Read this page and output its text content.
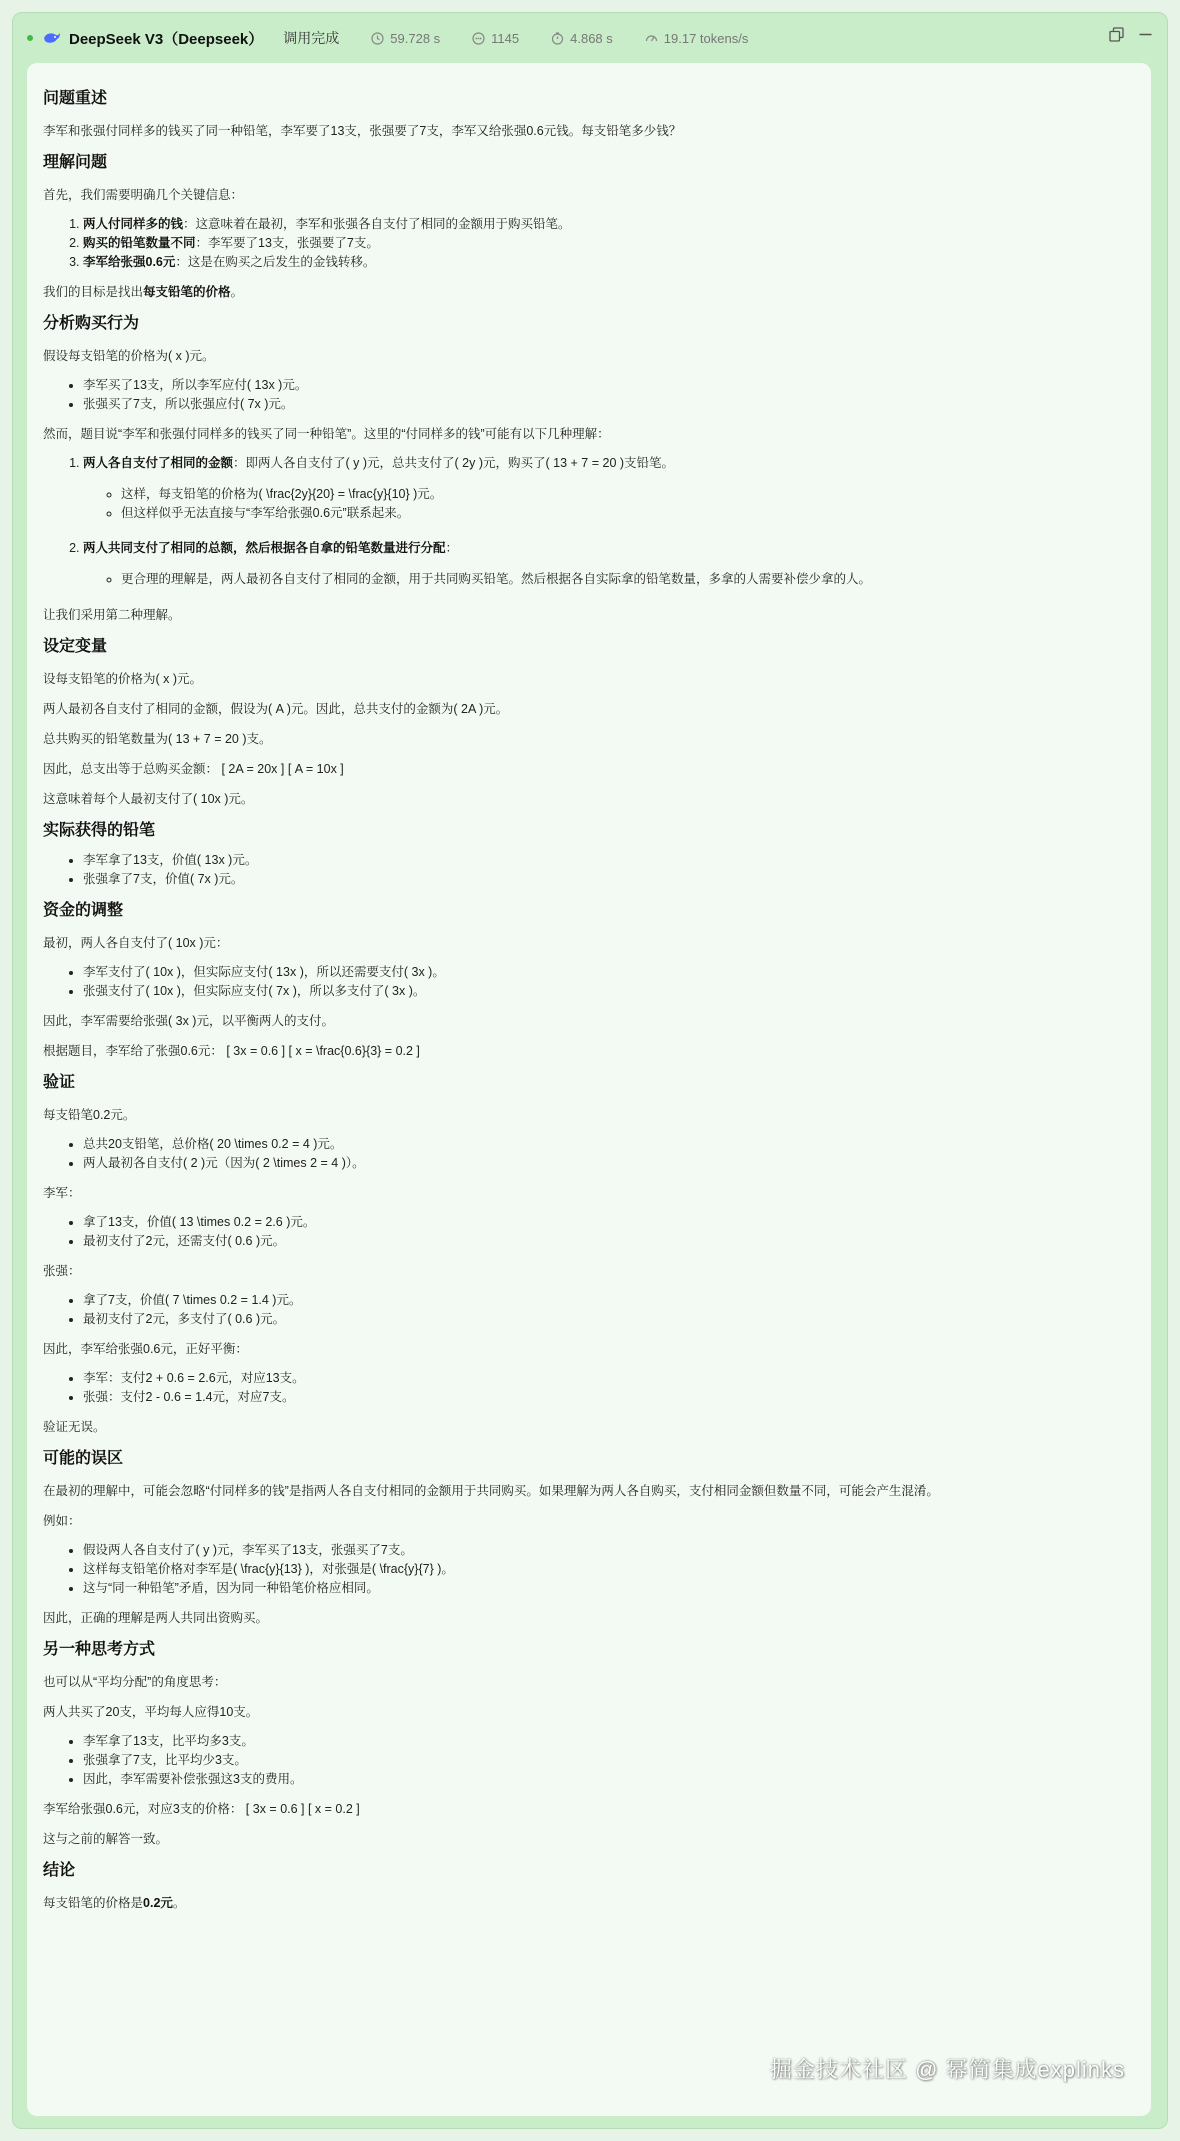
DeepSeek V3（Deepseek） 调用完成	59.728 s	1145	4.868 s	19.17 tokens/s
问题重述

李军和张强付同样多的钱买了同一种铅笔，李军要了13支，张强要了7支，李军又给张强0.6元钱。每支铅笔多少钱？

理解问题

首先，我们需要明确几个关键信息：

1. 两人付同样多的钱：这意味着在最初，李军和张强各自支付了相同的金额用于购买铅笔。
2. 购买的铅笔数量不同：李军要了13支，张强要了7支。
3. 李军给张强0.6元：这是在购买之后发生的金钱转移。

我们的目标是找出每支铅笔的价格。

分析购买行为

假设每支铅笔的价格为( x )元。

• 李军买了13支，所以李军应付( 13x )元。
• 张强买了7支，所以张强应付( 7x )元。

然而，题目说“李军和张强付同样多的钱买了同一种铅笔”。这里的“付同样多的钱”可能有以下几种理解：

1. 两人各自支付了相同的金额：即两人各自支付了( y )元，总共支付了( 2y )元，购买了( 13 + 7 = 20 )支铅笔。
◦ 这样，每支铅笔的价格为( \frac{2y}{20} = \frac{y}{10} )元。
◦ 但这样似乎无法直接与“李军给张强0.6元”联系起来。
2. 两人共同支付了相同的总额，然后根据各自拿的铅笔数量进行分配：
◦ 更合理的理解是，两人最初各自支付了相同的金额，用于共同购买铅笔。然后根据各自实际拿的铅笔数量，多拿的人需要补偿少拿的人。

让我们采用第二种理解。

设定变量

设每支铅笔的价格为( x )元。

两人最初各自支付了相同的金额，假设为( A )元。因此，总共支付的金额为( 2A )元。

总共购买的铅笔数量为( 13 + 7 = 20 )支。

因此，总支出等于总购买金额： [ 2A = 20x ] [ A = 10x ]

这意味着每个人最初支付了( 10x )元。

实际获得的铅笔
• 李军拿了13支，价值( 13x )元。
• 张强拿了7支，价值( 7x )元。
资金的调整

最初，两人各自支付了( 10x )元：

• 李军支付了( 10x )，但实际应支付( 13x )，所以还需要支付( 3x )。
• 张强支付了( 10x )，但实际应支付( 7x )，所以多支付了( 3x )。

因此，李军需要给张强( 3x )元，以平衡两人的支付。

根据题目，李军给了张强0.6元： [ 3x = 0.6 ] [ x = \frac{0.6}{3} = 0.2 ]

验证

每支铅笔0.2元。

• 总共20支铅笔，总价格( 20 \times 0.2 = 4 )元。
• 两人最初各自支付( 2 )元（因为( 2 \times 2 = 4 )）。

李军：

• 拿了13支，价值( 13 \times 0.2 = 2.6 )元。
• 最初支付了2元，还需支付( 0.6 )元。

张强：

• 拿了7支，价值( 7 \times 0.2 = 1.4 )元。
• 最初支付了2元，多支付了( 0.6 )元。

因此，李军给张强0.6元，正好平衡：

• 李军：支付2 + 0.6 = 2.6元，对应13支。
• 张强：支付2 - 0.6 = 1.4元，对应7支。

验证无误。

可能的误区

在最初的理解中，可能会忽略“付同样多的钱”是指两人各自支付相同的金额用于共同购买。如果理解为两人各自购买，支付相同金额但数量不同，可能会产生混淆。

例如：

• 假设两人各自支付了( y )元，李军买了13支，张强买了7支。
• 这样每支铅笔价格对李军是( \frac{y}{13} )，对张强是( \frac{y}{7} )。
• 这与“同一种铅笔”矛盾，因为同一种铅笔价格应相同。

因此，正确的理解是两人共同出资购买。

另一种思考方式

也可以从“平均分配”的角度思考：

两人共买了20支，平均每人应得10支。

• 李军拿了13支，比平均多3支。
• 张强拿了7支，比平均少3支。
• 因此，李军需要补偿张强这3支的费用。

李军给张强0.6元，对应3支的价格： [ 3x = 0.6 ] [ x = 0.2 ]

这与之前的解答一致。

结论

每支铅笔的价格是0.2元。

掘金技术社区 @ 幂简集成explinks
